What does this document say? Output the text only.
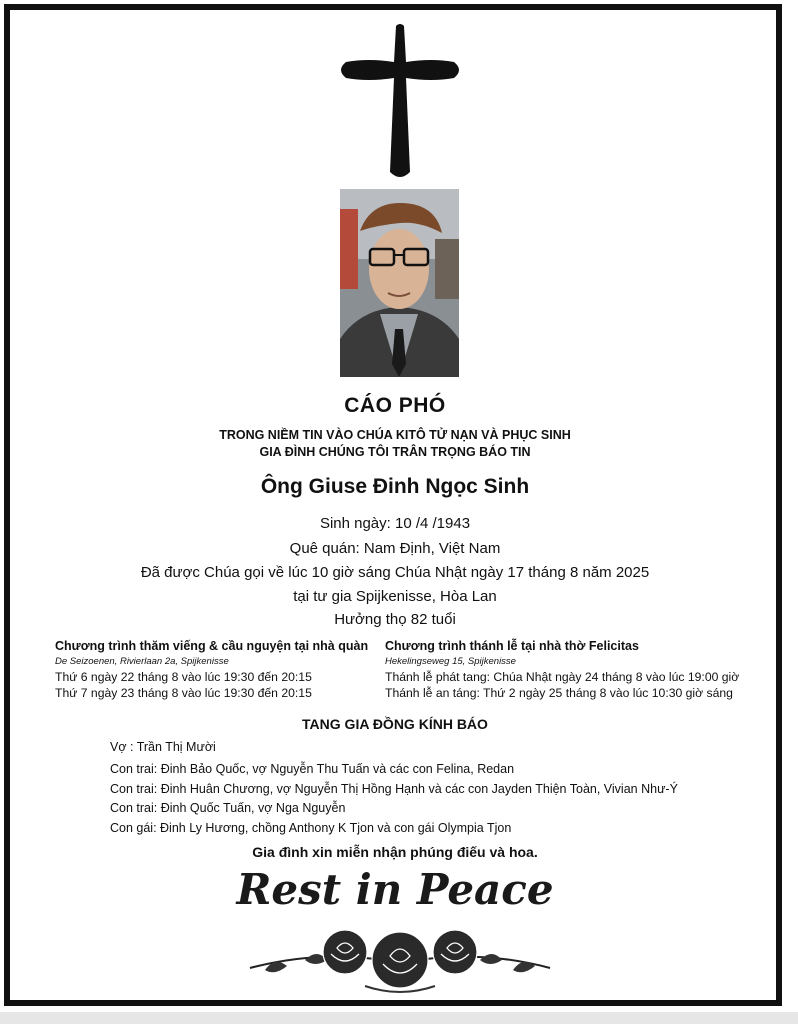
CÁO PHÓ
TRONG NIỀM TIN VÀO CHÚA KITÔ TỬ NẠN VÀ PHỤC SINH
GIA ĐÌNH CHÚNG TÔI TRÂN TRỌNG BÁO TIN
Ông Giuse Đinh Ngọc Sinh
Sinh ngày: 10 /4 /1943
Quê quán: Nam Định, Việt Nam
Đã được Chúa gọi về lúc 10 giờ sáng Chúa Nhật ngày 17 tháng 8 năm 2025
tại tư gia Spijkenisse, Hòa Lan
Hưởng thọ 82 tuổi
Chương trình thăm viếng & cầu nguyện tại nhà quàn
De Seizoenen, Rivierlaan 2a, Spijkenisse
Thứ 6 ngày 22 tháng 8 vào lúc 19:30 đến 20:15
Thứ 7 ngày 23 tháng 8 vào lúc 19:30 đến 20:15
Chương trình thánh lễ tại nhà thờ Felicitas
Hekelingseweg 15, Spijkenisse
Thánh lễ phát tang: Chúa Nhật ngày 24 tháng 8 vào lúc 19:00 giờ
Thánh lễ an táng: Thứ 2 ngày 25 tháng 8 vào lúc 10:30 giờ sáng
TANG GIA ĐỒNG KÍNH BÁO
Vợ : Trần Thị Mười
Con trai: Đinh Bảo Quốc, vợ Nguyễn Thu Tuấn và các con Felina, Redan
Con trai: Đinh Huân Chương, vợ Nguyễn Thị Hồng Hạnh và các con Jayden Thiện Toàn, Vivian Như-Ý
Con trai: Đinh Quốc Tuấn, vợ Nga Nguyễn
Con gái: Đinh Ly Hương, chồng Anthony K Tjon và con gái Olympia Tjon
Gia đình xin miễn nhận phúng điếu và hoa.
Rest in Peace
